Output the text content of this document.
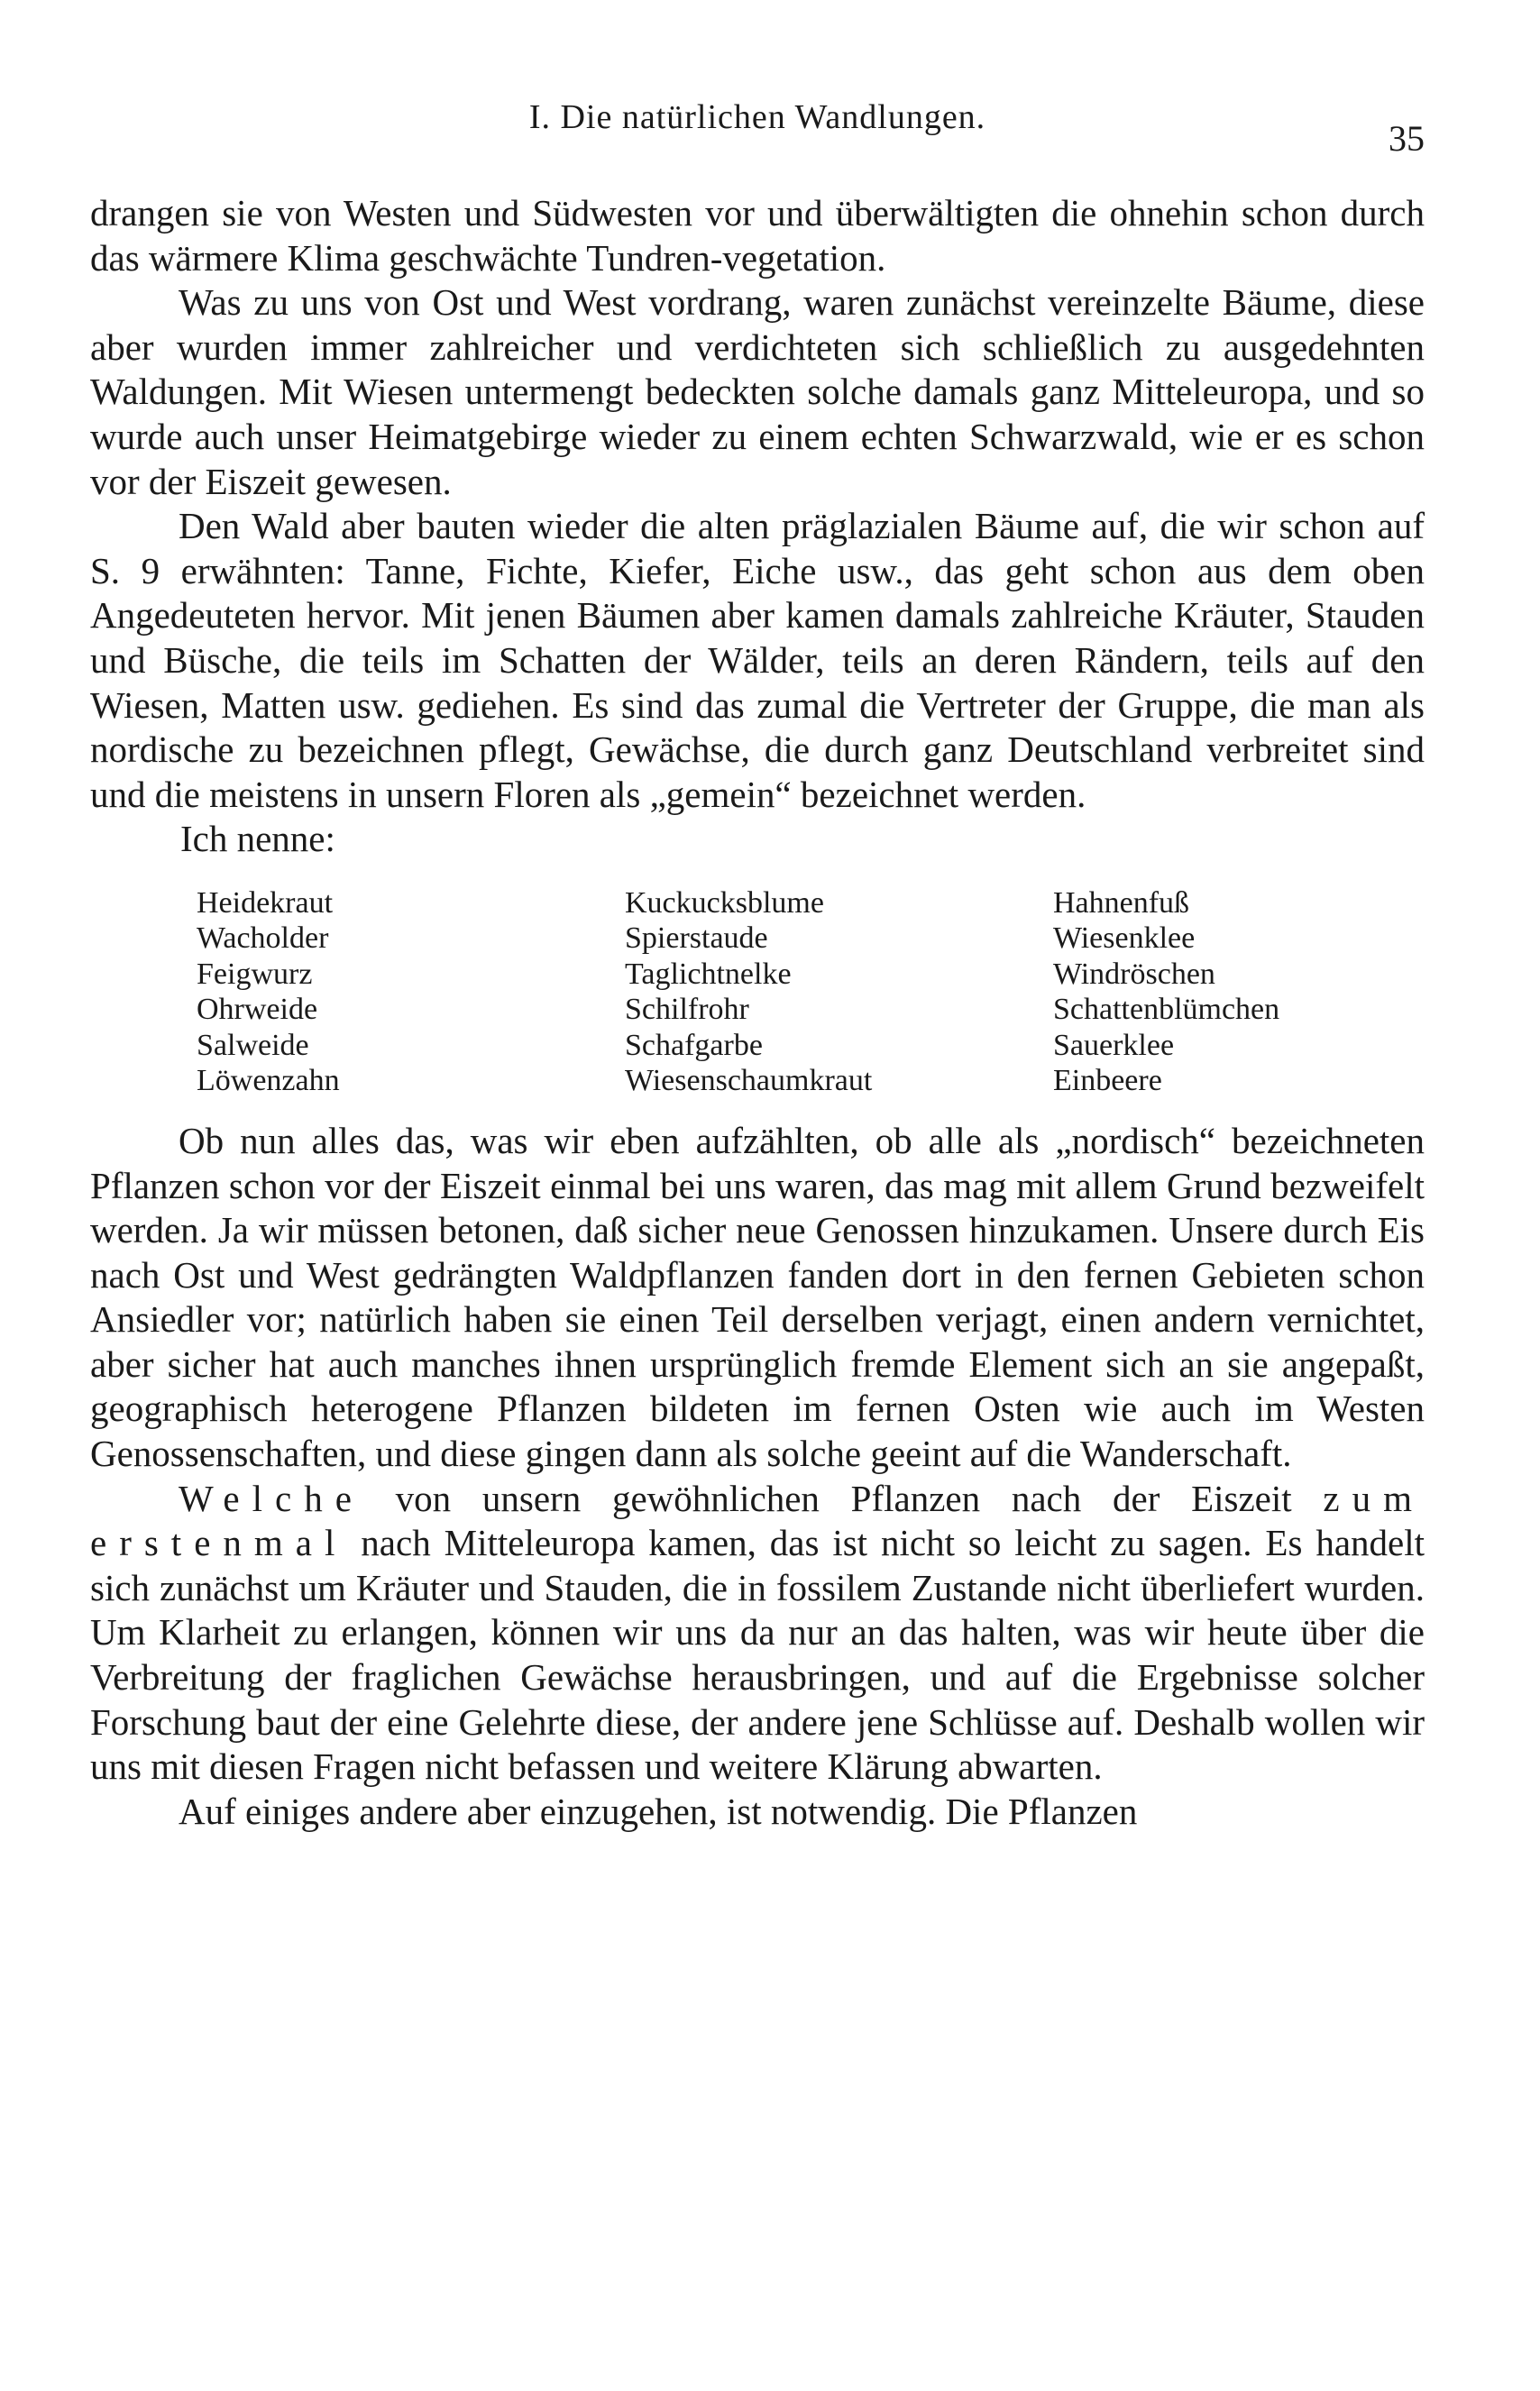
I. Die natürlichen Wandlungen.
35

drangen sie von Westen und Südwesten vor und überwältigten die ohnehin schon durch das wärmere Klima geschwächte Tundren-vegetation.

Was zu uns von Ost und West vordrang, waren zunächst vereinzelte Bäume, diese aber wurden immer zahlreicher und verdichteten sich schließlich zu ausgedehnten Waldungen. Mit Wiesen untermengt bedeckten solche damals ganz Mitteleuropa, und so wurde auch unser Heimatgebirge wieder zu einem echten Schwarzwald, wie er es schon vor der Eiszeit gewesen.

Den Wald aber bauten wieder die alten präglazialen Bäume auf, die wir schon auf S. 9 erwähnten: Tanne, Fichte, Kiefer, Eiche usw., das geht schon aus dem oben Angedeuteten hervor. Mit jenen Bäumen aber kamen damals zahlreiche Kräuter, Stauden und Büsche, die teils im Schatten der Wälder, teils an deren Rändern, teils auf den Wiesen, Matten usw. gediehen. Es sind das zumal die Vertreter der Gruppe, die man als nordische zu bezeichnen pflegt, Gewächse, die durch ganz Deutschland verbreitet sind und die meistens in unsern Floren als „gemein“ bezeichnet werden.

Ich nenne:

Heidekraut
Wacholder
Feigwurz
Ohrweide
Salweide
Löwenzahn
Kuckucksblume
Spierstaude
Taglichtnelke
Schilfrohr
Schafgarbe
Wiesenschaumkraut
Hahnenfuß
Wiesenklee
Windröschen
Schattenblümchen
Sauerklee
Einbeere

Ob nun alles das, was wir eben aufzählten, ob alle als „nordisch“ bezeichneten Pflanzen schon vor der Eiszeit einmal bei uns waren, das mag mit allem Grund bezweifelt werden. Ja wir müssen betonen, daß sicher neue Genossen hinzukamen. Unsere durch Eis nach Ost und West gedrängten Waldpflanzen fanden dort in den fernen Gebieten schon Ansiedler vor; natürlich haben sie einen Teil derselben verjagt, einen andern vernichtet, aber sicher hat auch manches ihnen ursprünglich fremde Element sich an sie angepaßt, geographisch heterogene Pflanzen bildeten im fernen Osten wie auch im Westen Genossenschaften, und diese gingen dann als solche geeint auf die Wanderschaft.

Welche von unsern gewöhnlichen Pflanzen nach der Eiszeit zum erstenmal nach Mitteleuropa kamen, das ist nicht so leicht zu sagen. Es handelt sich zunächst um Kräuter und Stauden, die in fossilem Zustande nicht überliefert wurden. Um Klarheit zu erlangen, können wir uns da nur an das halten, was wir heute über die Verbreitung der fraglichen Gewächse herausbringen, und auf die Ergebnisse solcher Forschung baut der eine Gelehrte diese, der andere jene Schlüsse auf. Deshalb wollen wir uns mit diesen Fragen nicht befassen und weitere Klärung abwarten.

Auf einiges andere aber einzugehen, ist notwendig. Die Pflanzen
